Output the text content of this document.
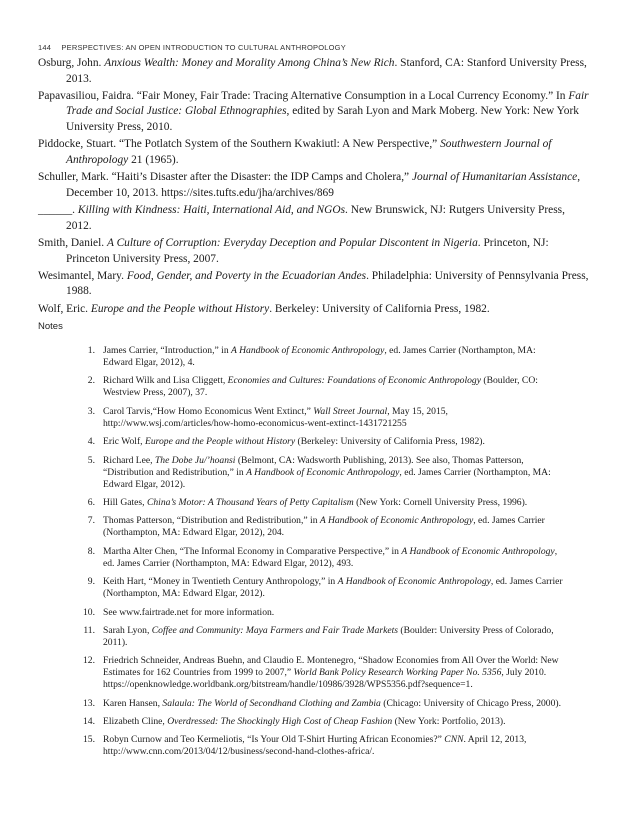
144 PERSPECTIVES: AN OPEN INTRODUCTION TO CULTURAL ANTHROPOLOGY
Osburg, John. Anxious Wealth: Money and Morality Among China’s New Rich. Stanford, CA: Stanford University Press, 2013.
Papavasiliou, Faidra. “Fair Money, Fair Trade: Tracing Alternative Consumption in a Local Currency Economy.” In Fair Trade and Social Justice: Global Ethnographies, edited by Sarah Lyon and Mark Moberg. New York: New York University Press, 2010.
Piddocke, Stuart. “The Potlatch System of the Southern Kwakiutl: A New Perspective,” Southwestern Journal of Anthropology 21 (1965).
Schuller, Mark. “Haiti’s Disaster after the Disaster: the IDP Camps and Cholera,” Journal of Humanitarian Assistance, December 10, 2013. https://sites.tufts.edu/jha/archives/869
______. Killing with Kindness: Haiti, International Aid, and NGOs. New Brunswick, NJ: Rutgers University Press, 2012.
Smith, Daniel. A Culture of Corruption: Everyday Deception and Popular Discontent in Nigeria. Princeton, NJ: Princeton University Press, 2007.
Wesimantel, Mary. Food, Gender, and Poverty in the Ecuadorian Andes. Philadelphia: University of Pennsylvania Press, 1988.
Wolf, Eric. Europe and the People without History. Berkeley: University of California Press, 1982.
Notes
1. James Carrier, “Introduction,” in A Handbook of Economic Anthropology, ed. James Carrier (Northampton, MA: Edward Elgar, 2012), 4.
2. Richard Wilk and Lisa Cliggett, Economies and Cultures: Foundations of Economic Anthropology (Boulder, CO: Westview Press, 2007), 37.
3. Carol Tarvis,“How Homo Economicus Went Extinct,” Wall Street Journal, May 15, 2015, http://www.wsj.com/articles/how-homo-economicus-went-extinct-1431721255
4. Eric Wolf, Europe and the People without History (Berkeley: University of California Press, 1982).
5. Richard Lee, The Dobe Ju/’hoansi (Belmont, CA: Wadsworth Publishing, 2013). See also, Thomas Patterson, “Distribution and Redistribution,” in A Handbook of Economic Anthropology, ed. James Carrier (Northampton, MA: Edward Elgar, 2012).
6. Hill Gates, China’s Motor: A Thousand Years of Petty Capitalism (New York: Cornell University Press, 1996).
7. Thomas Patterson, “Distribution and Redistribution,” in A Handbook of Economic Anthropology, ed. James Carrier (Northampton, MA: Edward Elgar, 2012), 204.
8. Martha Alter Chen, “The Informal Economy in Comparative Perspective,” in A Handbook of Economic Anthropology, ed. James Carrier (Northampton, MA: Edward Elgar, 2012), 493.
9. Keith Hart, “Money in Twentieth Century Anthropology,” in A Handbook of Economic Anthropology, ed. James Carrier (Northampton, MA: Edward Elgar, 2012).
10. See www.fairtrade.net for more information.
11. Sarah Lyon, Coffee and Community: Maya Farmers and Fair Trade Markets (Boulder: University Press of Colorado, 2011).
12. Friedrich Schneider, Andreas Buehn, and Claudio E. Montenegro, “Shadow Economies from All Over the World: New Estimates for 162 Countries from 1999 to 2007,” World Bank Policy Research Working Paper No. 5356, July 2010. https://openknowledge.worldbank.org/bitstream/handle/10986/3928/WPS5356.pdf?sequence=1.
13. Karen Hansen, Salaula: The World of Secondhand Clothing and Zambia (Chicago: University of Chicago Press, 2000).
14. Elizabeth Cline, Overdressed: The Shockingly High Cost of Cheap Fashion (New York: Portfolio, 2013).
15. Robyn Curnow and Teo Kermeliotis, “Is Your Old T-Shirt Hurting African Economies?” CNN. April 12, 2013, http://www.cnn.com/2013/04/12/business/second-hand-clothes-africa/.
